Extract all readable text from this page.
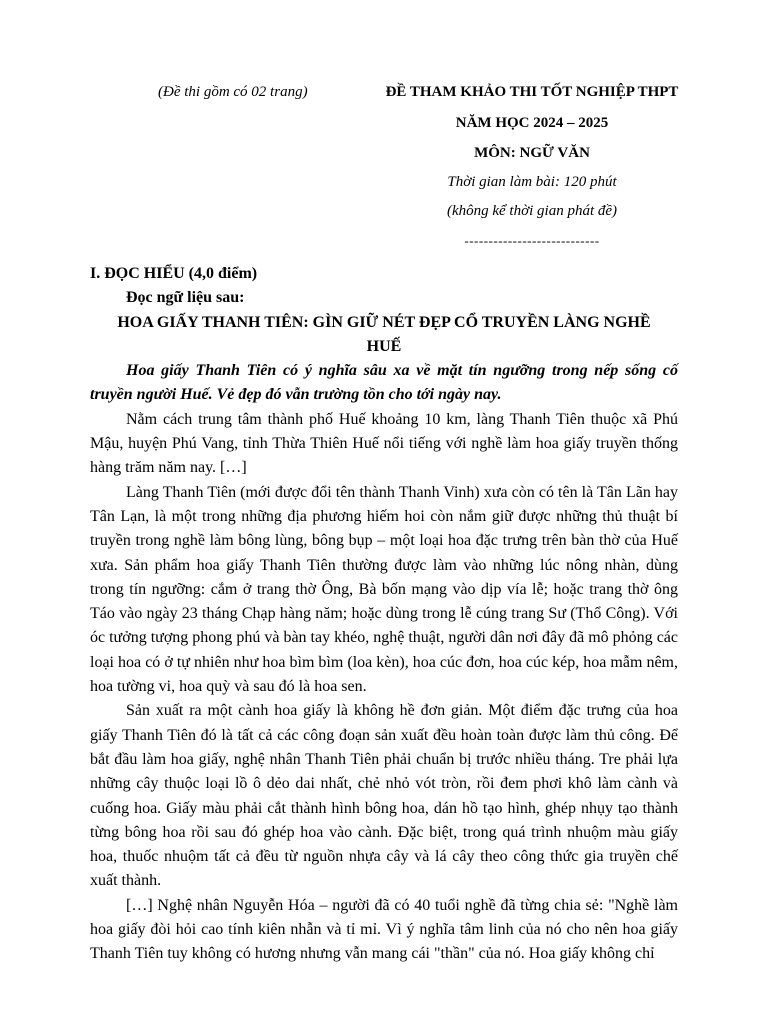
(Đề thi gồm có 02 trang)	ĐỀ THAM KHẢO THI TỐT NGHIỆP THPT
NĂM HỌC 2024 – 2025
MÔN: NGỮ VĂN
Thời gian làm bài: 120 phút
(không kể thời gian phát đề)
----------------------------

I. ĐỌC HIỂU (4,0 điểm)

Đọc ngữ liệu sau:

HOA GIẤY THANH TIÊN: GÌN GIỮ NÉT ĐẸP CỔ TRUYỀN LÀNG NGHỀ HUẾ

Hoa giấy Thanh Tiên có ý nghĩa sâu xa về mặt tín ngưỡng trong nếp sống cố truyền người Huế. Vẻ đẹp đó vẫn trường tồn cho tới ngày nay.

Nằm cách trung tâm thành phố Huế khoảng 10 km, làng Thanh Tiên thuộc xã Phú Mậu, huyện Phú Vang, tỉnh Thừa Thiên Huế nổi tiếng với nghề làm hoa giấy truyền thống hàng trăm năm nay. […]

Làng Thanh Tiên (mới được đổi tên thành Thanh Vinh) xưa còn có tên là Tân Lãn hay Tân Lạn, là một trong những địa phương hiếm hoi còn nắm giữ được những thủ thuật bí truyền trong nghề làm bông lùng, bông bụp – một loại hoa đặc trưng trên bàn thờ của Huế xưa. Sản phẩm hoa giấy Thanh Tiên thường được làm vào những lúc nông nhàn, dùng trong tín ngưỡng: cắm ở trang thờ Ông, Bà bốn mạng vào dịp vía lễ; hoặc trang thờ ông Táo vào ngày 23 tháng Chạp hàng năm; hoặc dùng trong lễ cúng trang Sư (Thổ Công). Với óc tưởng tượng phong phú và bàn tay khéo, nghệ thuật, người dân nơi đây đã mô phỏng các loại hoa có ở tự nhiên như hoa bìm bìm (loa kèn), hoa cúc đơn, hoa cúc kép, hoa mẫm nêm, hoa tường vi, hoa quỳ và sau đó là hoa sen.

Sản xuất ra một cành hoa giấy là không hề đơn giản. Một điểm đặc trưng của hoa giấy Thanh Tiên đó là tất cả các công đoạn sản xuất đều hoàn toàn được làm thủ công. Để bắt đầu làm hoa giấy, nghệ nhân Thanh Tiên phải chuẩn bị trước nhiều tháng. Tre phải lựa những cây thuộc loại lồ ô dẻo dai nhất, chẻ nhỏ vót tròn, rồi đem phơi khô làm cành và cuống hoa. Giấy màu phải cắt thành hình bông hoa, dán hồ tạo hình, ghép nhụy tạo thành từng bông hoa rồi sau đó ghép hoa vào cành. Đặc biệt, trong quá trình nhuộm màu giấy hoa, thuốc nhuộm tất cả đều từ nguồn nhựa cây và lá cây theo công thức gia truyền chế xuất thành.

[…] Nghệ nhân Nguyễn Hóa – người đã có 40 tuổi nghề đã từng chia sẻ: "Nghề làm hoa giấy đòi hỏi cao tính kiên nhẫn và tỉ mỉ. Vì ý nghĩa tâm linh của nó cho nên hoa giấy Thanh Tiên tuy không có hương nhưng vẫn mang cái "thần" của nó. Hoa giấy không chỉ
